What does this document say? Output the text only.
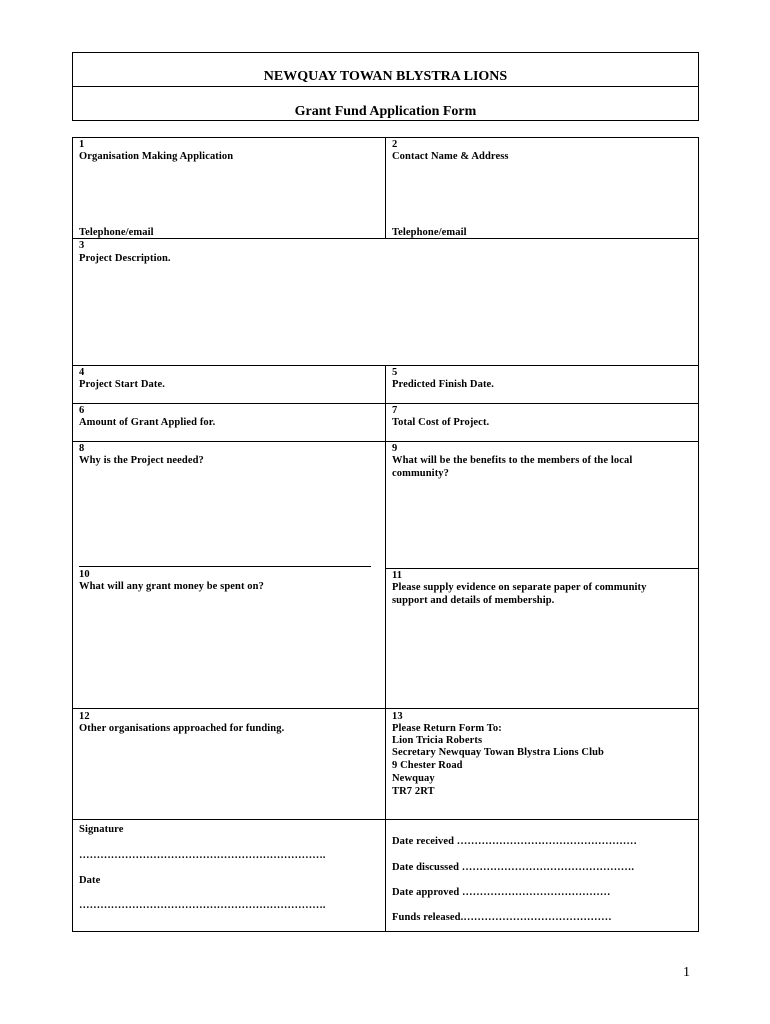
NEWQUAY TOWAN BLYSTRA LIONS
Grant Fund Application Form
1
Organisation Making Application
Telephone/email
2
Contact Name & Address
Telephone/email
3
Project Description.
4
Project Start Date.
5
Predicted Finish Date.
6
Amount of Grant Applied for.
7
Total Cost of Project.
8
Why is the Project needed?
9
What will be the benefits to the members of the local
community?
10
What will any grant money be spent on?
11
Please supply evidence on separate paper of community
support and details of membership.
12
Other organisations approached for funding.
13
Please Return Form To:
Lion Tricia Roberts
Secretary Newquay Towan Blystra Lions Club
9 Chester Road
Newquay
TR7 2RT
Signature
…………………………………………………………….
Date
…………………………………………………………….
Date received ……………………………………………
Date discussed ………………………………………….
Date approved ……………………………………
Funds released.……………………………………
1
